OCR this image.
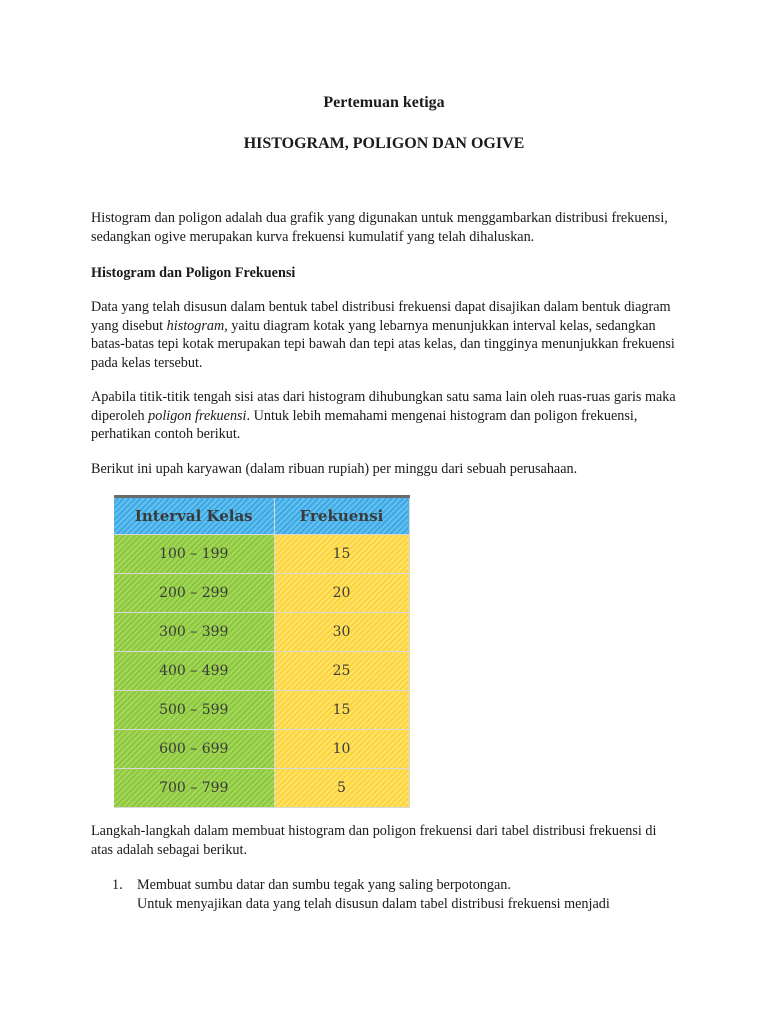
Pertemuan ketiga
HISTOGRAM, POLIGON DAN OGIVE

Histogram dan poligon adalah dua grafik yang digunakan untuk menggambarkan distribusi frekuensi, sedangkan ogive merupakan kurva frekuensi kumulatif yang telah dihaluskan.

Histogram dan Poligon Frekuensi

Data yang telah disusun dalam bentuk tabel distribusi frekuensi dapat disajikan dalam bentuk diagram yang disebut histogram, yaitu diagram kotak yang lebarnya menunjukkan interval kelas, sedangkan batas-batas tepi kotak merupakan tepi bawah dan tepi atas kelas, dan tingginya menunjukkan frekuensi pada kelas tersebut.

Apabila titik-titik tengah sisi atas dari histogram dihubungkan satu sama lain oleh ruas-ruas garis maka diperoleh poligon frekuensi. Untuk lebih memahami mengenai histogram dan poligon frekuensi, perhatikan contoh berikut.

Berikut ini upah karyawan (dalam ribuan rupiah) per minggu dari sebuah perusahaan.

Interval Kelas	Frekuensi
100 – 199	15
200 – 299	20
300 – 399	30
400 – 499	25
500 – 599	15
600 – 699	10
700 – 799	5

Langkah-langkah dalam membuat histogram dan poligon frekuensi dari tabel distribusi frekuensi di atas adalah sebagai berikut.

1. Membuat sumbu datar dan sumbu tegak yang saling berpotongan.
Untuk menyajikan data yang telah disusun dalam tabel distribusi frekuensi menjadi
